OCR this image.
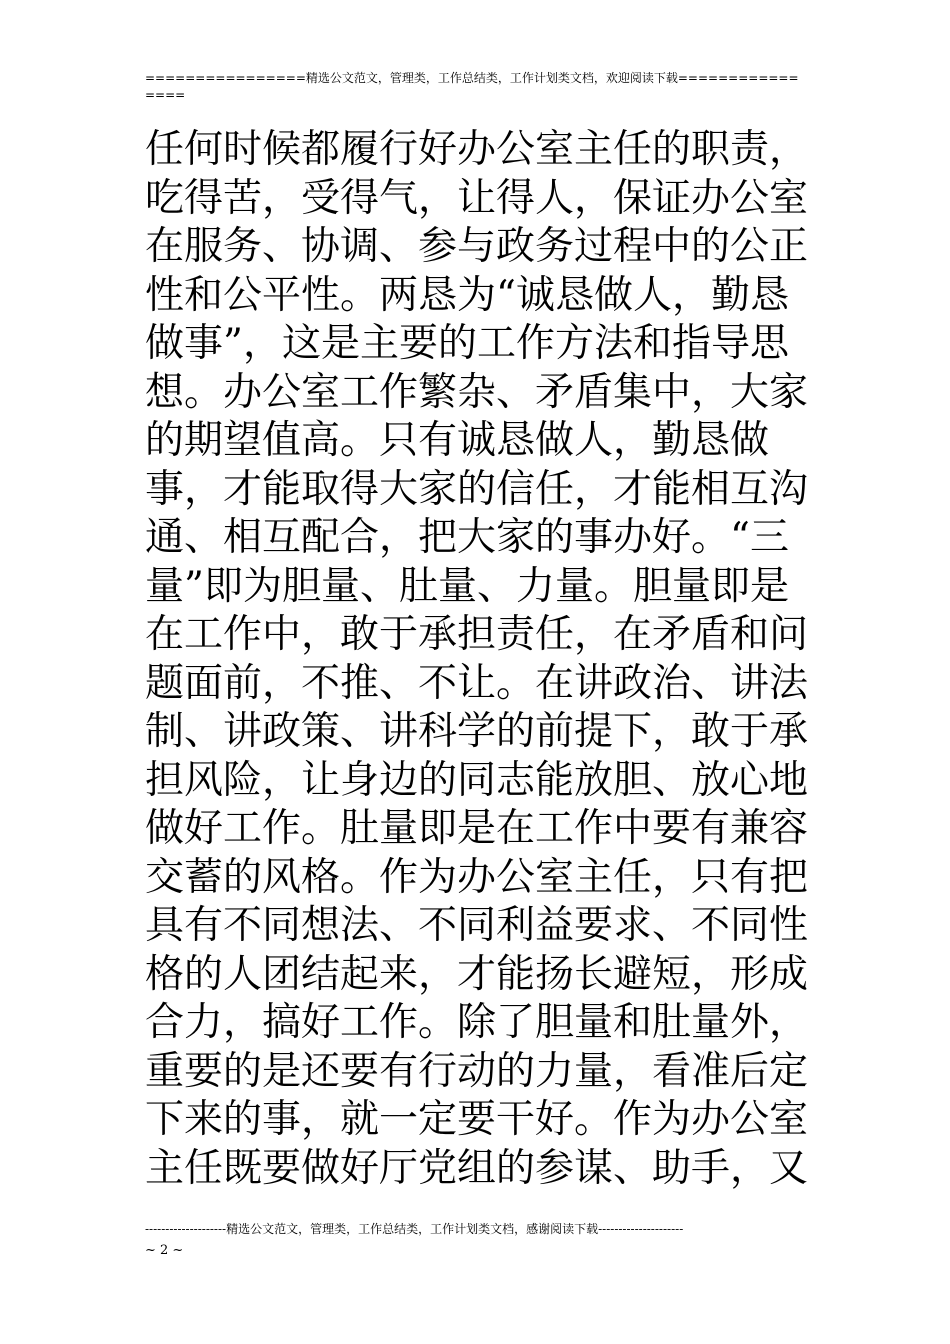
================精选公文范文，管理类，工作总结类，工作计划类文档，欢迎阅读下载================
任何时候都履行好办公室主任的职责，
吃得苦，受得气，让得人，保证办公室
在服务、协调、参与政务过程中的公正
性和公平性。两恳为“诚恳做人，勤恳
做事”，这是主要的工作方法和指导思
想。办公室工作繁杂、矛盾集中，大家
的期望值高。只有诚恳做人，勤恳做
事，才能取得大家的信任，才能相互沟
通、相互配合，把大家的事办好。“三
量”即为胆量、肚量、力量。胆量即是
在工作中，敢于承担责任，在矛盾和问
题面前，不推、不让。在讲政治、讲法
制、讲政策、讲科学的前提下，敢于承
担风险，让身边的同志能放胆、放心地
做好工作。肚量即是在工作中要有兼容
交蓄的风格。作为办公室主任，只有把
具有不同想法、不同利益要求、不同性
格的人团结起来，才能扬长避短，形成
合力，搞好工作。除了胆量和肚量外，
重要的是还要有行动的力量，看准后定
下来的事，就一定要干好。作为办公室
主任既要做好厅党组的参谋、助手，又
--------------------精选公文范文，管理类，工作总结类，工作计划类文档，感谢阅读下载---------------------
~ 2 ~
